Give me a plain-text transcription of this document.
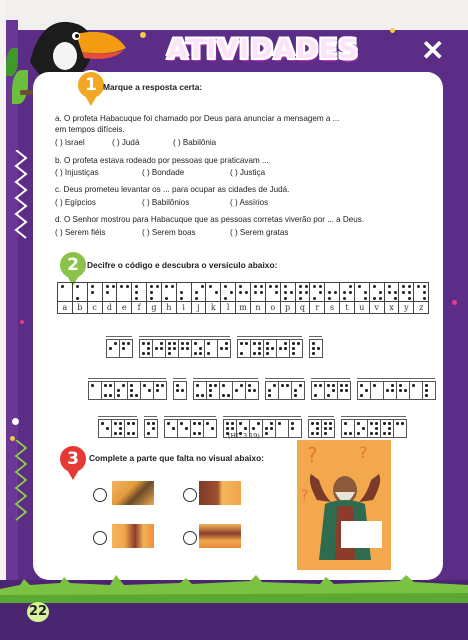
ATIVIDADES ✕
1 Marque a resposta certa:
a. O profeta Habacuque foi chamado por Deus para anunciar a mensagem a ...
em tempos difíceis.
( ) Israel	( ) Judá	( ) Babilônia
b. O profeta estava rodeado por pessoas que praticavam ...
( ) Injustiças	( ) Bondade	( ) Justiça
c. Deus prometeu levantar os ... para ocupar as cidades de Judá.
( ) Egípcios	( ) Babilônios	( ) Assírios
d. O Senhor mostrou para Habacuque que as pessoas corretas viverão por ... a Deus.
( ) Serem fiéis	( ) Serem boas	( ) Serem gratas
2 Decifre o código e descubra o versículo abaixo:
a	b	c	d	e	f	g	h	i	j	k	l	m	n	o	p	q	r	s	t	u	v	x	y	z
(HC 3.19)
3	Complete a parte que falta no visual abaixo: ?	?
?
22
